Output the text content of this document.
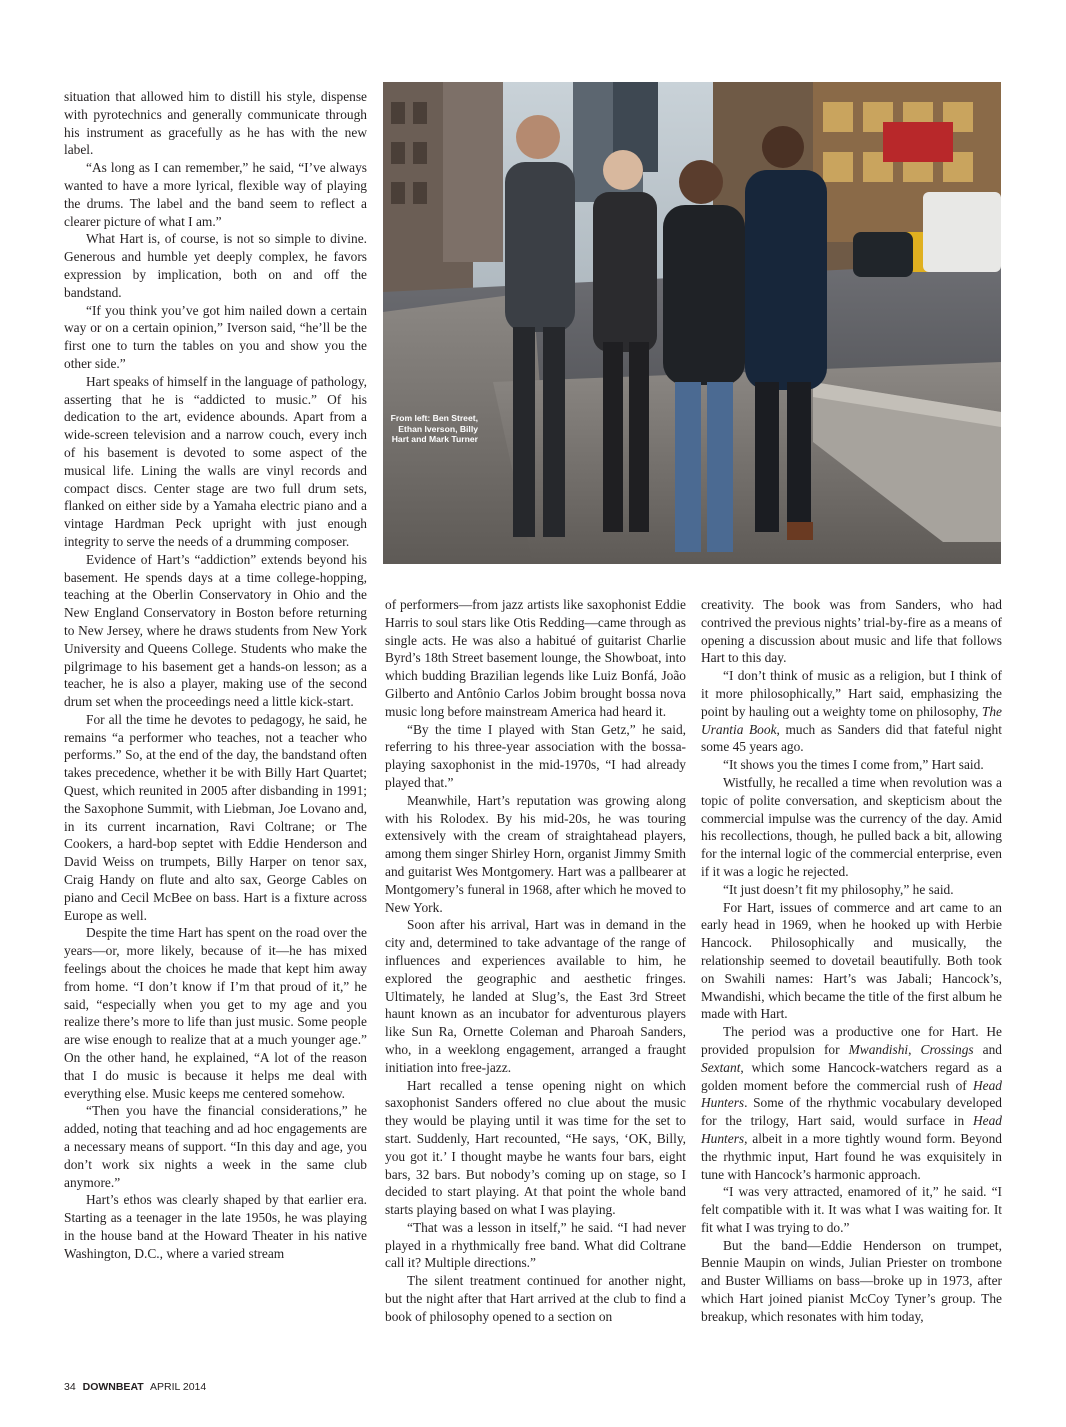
situation that allowed him to distill his style, dispense with pyrotechnics and generally communicate through his instrument as gracefully as he has with the new label.

“As long as I can remember,” he said, “I’ve always wanted to have a more lyrical, flexible way of playing the drums. The label and the band seem to reflect a clearer picture of what I am.”

What Hart is, of course, is not so simple to divine. Generous and humble yet deeply complex, he favors expression by implication, both on and off the bandstand.

“If you think you’ve got him nailed down a certain way or on a certain opinion,” Iverson said, “he’ll be the first one to turn the tables on you and show you the other side.”

Hart speaks of himself in the language of pathology, asserting that he is “addicted to music.” Of his dedication to the art, evidence abounds. Apart from a wide-screen television and a narrow couch, every inch of his basement is devoted to some aspect of the musical life. Lining the walls are vinyl records and compact discs. Center stage are two full drum sets, flanked on either side by a Yamaha electric piano and a vintage Hardman Peck upright with just enough integrity to serve the needs of a drumming composer.

Evidence of Hart’s “addiction” extends beyond his basement. He spends days at a time college-hopping, teaching at the Oberlin Conservatory in Ohio and the New England Conservatory in Boston before returning to New Jersey, where he draws students from New York University and Queens College. Students who make the pilgrimage to his basement get a hands-on lesson; as a teacher, he is also a player, making use of the second drum set when the proceedings need a little kick-start.

For all the time he devotes to pedagogy, he said, he remains “a performer who teaches, not a teacher who performs.” So, at the end of the day, the bandstand often takes precedence, whether it be with Billy Hart Quartet; Quest, which reunited in 2005 after disbanding in 1991; the Saxophone Summit, with Liebman, Joe Lovano and, in its current incarnation, Ravi Coltrane; or The Cookers, a hard-bop septet with Eddie Henderson and David Weiss on trumpets, Billy Harper on tenor sax, Craig Handy on flute and alto sax, George Cables on piano and Cecil McBee on bass. Hart is a fixture across Europe as well.

Despite the time Hart has spent on the road over the years—or, more likely, because of it—he has mixed feelings about the choices he made that kept him away from home. “I don’t know if I’m that proud of it,” he said, “especially when you get to my age and you realize there’s more to life than just music. Some people are wise enough to realize that at a much younger age.” On the other hand, he explained, “A lot of the reason that I do music is because it helps me deal with everything else. Music keeps me centered somehow.

“Then you have the financial considerations,” he added, noting that teaching and ad hoc engagements are a necessary means of support. “In this day and age, you don’t work six nights a week in the same club anymore.”

Hart’s ethos was clearly shaped by that earlier era. Starting as a teenager in the late 1950s, he was playing in the house band at the Howard Theater in his native Washington, D.C., where a varied stream

of performers—from jazz artists like saxophonist Eddie Harris to soul stars like Otis Redding—came through as single acts. He was also a habitué of guitarist Charlie Byrd’s 18th Street basement lounge, the Showboat, into which budding Brazilian legends like Luiz Bonfá, João Gilberto and Antônio Carlos Jobim brought bossa nova music long before mainstream America had heard it.

“By the time I played with Stan Getz,” he said, referring to his three-year association with the bossa-playing saxophonist in the mid-1970s, “I had already played that.”

Meanwhile, Hart’s reputation was growing along with his Rolodex. By his mid-20s, he was touring extensively with the cream of straightahead players, among them singer Shirley Horn, organist Jimmy Smith and guitarist Wes Montgomery. Hart was a pallbearer at Montgomery’s funeral in 1968, after which he moved to New York.

Soon after his arrival, Hart was in demand in the city and, determined to take advantage of the range of influences and experiences available to him, he explored the geographic and aesthetic fringes. Ultimately, he landed at Slug’s, the East 3rd Street haunt known as an incubator for adventurous players like Sun Ra, Ornette Coleman and Pharoah Sanders, who, in a weeklong engagement, arranged a fraught initiation into free-jazz.

Hart recalled a tense opening night on which saxophonist Sanders offered no clue about the music they would be playing until it was time for the set to start. Suddenly, Hart recounted, “He says, ‘OK, Billy, you got it.’ I thought maybe he wants four bars, eight bars, 32 bars. But nobody’s coming up on stage, so I decided to start playing. At that point the whole band starts playing based on what I was playing.

“That was a lesson in itself,” he said. “I had never played in a rhythmically free band. What did Coltrane call it? Multiple directions.”

The silent treatment continued for another night, but the night after that Hart arrived at the club to find a book of philosophy opened to a section on

creativity. The book was from Sanders, who had contrived the previous nights’ trial-by-fire as a means of opening a discussion about music and life that follows Hart to this day.

“I don’t think of music as a religion, but I think of it more philosophically,” Hart said, emphasizing the point by hauling out a weighty tome on philosophy, The Urantia Book, much as Sanders did that fateful night some 45 years ago.

“It shows you the times I come from,” Hart said.

Wistfully, he recalled a time when revolution was a topic of polite conversation, and skepticism about the commercial impulse was the currency of the day. Amid his recollections, though, he pulled back a bit, allowing for the internal logic of the commercial enterprise, even if it was a logic he rejected.

“It just doesn’t fit my philosophy,” he said.

For Hart, issues of commerce and art came to an early head in 1969, when he hooked up with Herbie Hancock. Philosophically and musically, the relationship seemed to dovetail beautifully. Both took on Swahili names: Hart’s was Jabali; Hancock’s, Mwandishi, which became the title of the first album he made with Hart.

The period was a productive one for Hart. He provided propulsion for Mwandishi, Crossings and Sextant, which some Hancock-watchers regard as a golden moment before the commercial rush of Head Hunters. Some of the rhythmic vocabulary developed for the trilogy, Hart said, would surface in Head Hunters, albeit in a more tightly wound form. Beyond the rhythmic input, Hart found he was exquisitely in tune with Hancock’s harmonic approach.

“I was very attracted, enamored of it,” he said. “I felt compatible with it. It was what I was waiting for. It fit what I was trying to do.”

But the band—Eddie Henderson on trumpet, Bennie Maupin on winds, Julian Priester on trombone and Buster Williams on bass—broke up in 1973, after which Hart joined pianist McCoy Tyner’s group. The breakup, which resonates with him today,

From left: Ben Street, Ethan Iverson, Billy Hart and Mark Turner
© JOHN ROGERS/ECM
34 DOWNBEAT APRIL 2014
